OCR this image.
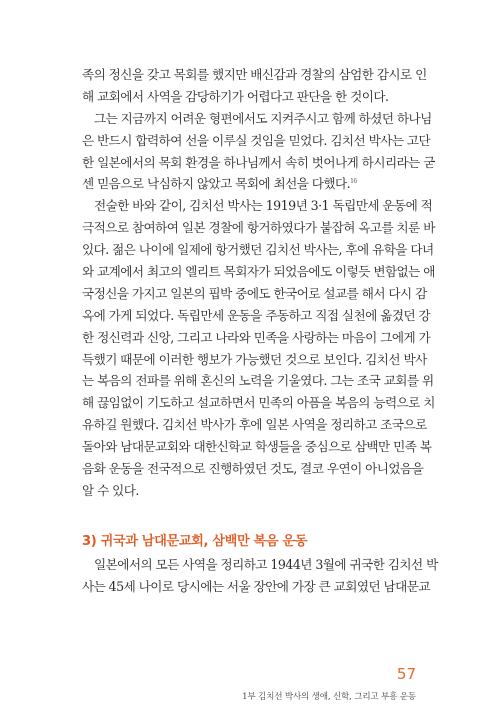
족의 정신을 갖고 목회를 했지만 배신감과 경찰의 삼엄한 감시로 인
해 교회에서 사역을 감당하기가 어렵다고 판단을 한 것이다.
그는 지금까지 어려운 형편에서도 지켜주시고 함께 하셨던 하나님
은 반드시 합력하여 선을 이루실 것임을 믿었다. 김치선 박사는 고단
한 일본에서의 목회 환경을 하나님께서 속히 벗어나게 하시리라는 굳
센 믿음으로 낙심하지 않았고 목회에 최선을 다했다.$^{16}$
전술한 바와 같이, 김치선 박사는 1919년 3·1 독립만세 운동에 적
극적으로 참여하여 일본 경찰에 항거하였다가 붙잡혀 옥고를 치룬 바
있다. 젊은 나이에 일제에 항거했던 김치선 박사는, 후에 유학을 다녀
와 교계에서 최고의 엘리트 목회자가 되었음에도 이렇듯 변함없는 애
국정신을 가지고 일본의 핍박 중에도 한국어로 설교를 해서 다시 감
옥에 가게 되었다. 독립만세 운동을 주동하고 직접 실천에 옮겼던 강
한 정신력과 신앙, 그리고 나라와 민족을 사랑하는 마음이 그에게 가
득했기 때문에 이러한 행보가 가능했던 것으로 보인다. 김치선 박사
는 복음의 전파를 위해 혼신의 노력을 기울였다. 그는 조국 교회를 위
해 끊임없이 기도하고 설교하면서 민족의 아픔을 복음의 능력으로 치
유하길 원했다. 김치선 박사가 후에 일본 사역을 정리하고 조국으로
돌아와 남대문교회와 대한신학교 학생들을 중심으로 삼백만 민족 복
음화 운동을 전국적으로 진행하였던 것도, 결코 우연이 아니었음을
알 수 있다.
3) 귀국과 남대문교회, 삼백만 복음 운동
일본에서의 모든 사역을 정리하고 1944년 3월에 귀국한 김치선 박
사는 45세 나이로 당시에는 서울 장안에 가장 큰 교회였던 남대문교
57
1부 김치선 박사의 생애, 신학, 그리고 부흥 운동
